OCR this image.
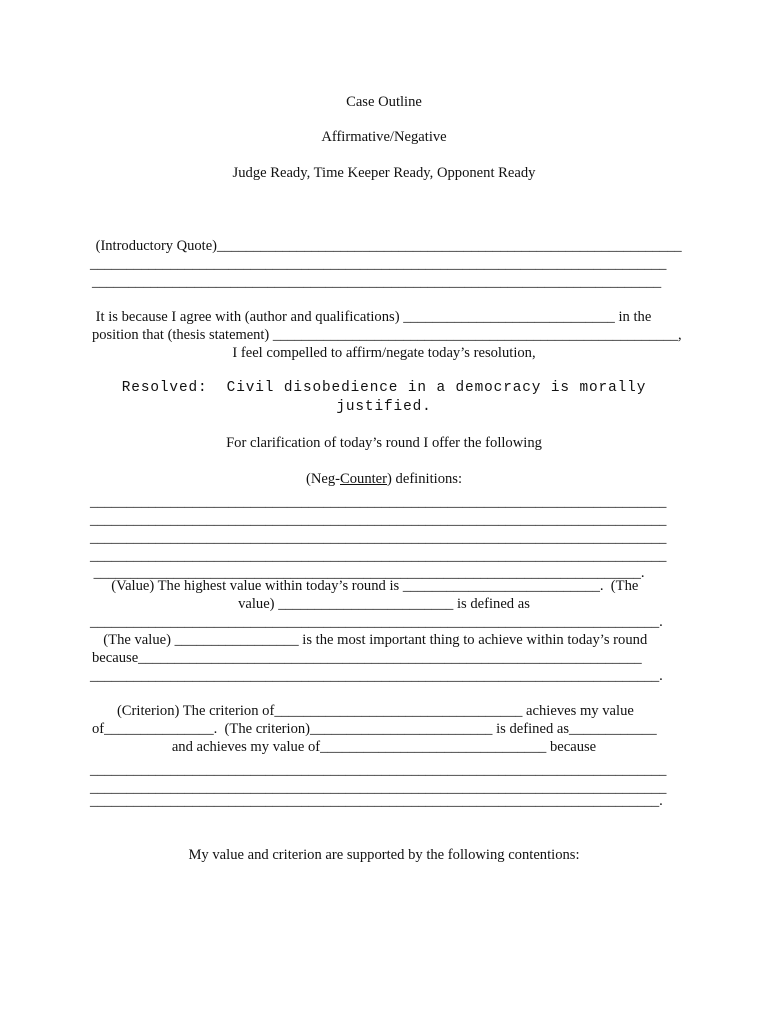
Case Outline
Affirmative/Negative
Judge Ready, Time Keeper Ready, Opponent Ready
(Introductory Quote)________________________________________________________________
_______________________________________________________________________________
______________________________________________________________________________
It is because I agree with (author and qualifications) _____________________________ in the
position that (thesis statement) ________________________________________________________,
I feel compelled to affirm/negate today’s resolution,
Resolved: Civil disobedience in a democracy is morally
justified.
For clarification of today’s round I offer the following
(Neg-Counter) definitions:
_______________________________________________________________________________
_______________________________________________________________________________
_______________________________________________________________________________
_______________________________________________________________________________
___________________________________________________________________________.
(Value) The highest value within today’s round is ___________________________.  (The
value) ________________________ is defined as
______________________________________________________________________________.
(The value) _________________ is the most important thing to achieve within today’s round
because_____________________________________________________________________
______________________________________________________________________________.
(Criterion) The criterion of__________________________________ achieves my value
of_______________.  (The criterion)_________________________ is defined as____________
and achieves my value of_______________________________ because
_______________________________________________________________________________
_______________________________________________________________________________
______________________________________________________________________________.
My value and criterion are supported by the following contentions:
